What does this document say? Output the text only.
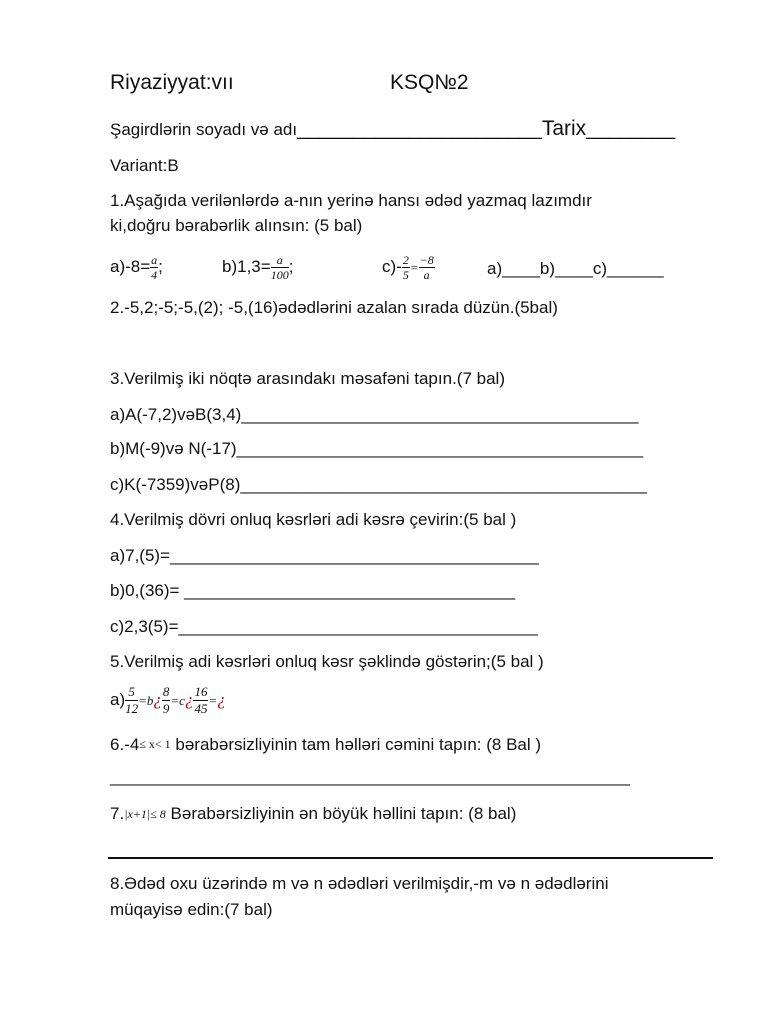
Riyaziyyat:vıı	KSQ№2
Şagirdlərin soyadı və adı______________________Tarix________
Variant:B
1.Aşağıda verilənlərdə a-nın yerinə hansı ədəd yazmaq lazımdır
ki,doğru bərabərlik alınsın: (5 bal)
$a)-8= \frac{a}{4}$ ;	$b)1,3= \frac{a}{100}$ ;	$c)- \frac{2}{5} = \frac{-8}{a}$	a)____b)____c)______
2.-5,2;-5;-5,(2); -5,(16)ədədlərini azalan sırada düzün.(5bal)
3.Verilmiş iki nöqtə arasındakı məsafəni tapın.(7 bal)
a)A(-7,2)vəB(3,4)__________________________________________
b)M(-9)və N(-17)___________________________________________
c)K(-7359)vəP(8)___________________________________________
4.Verilmiş dövri onluq kəsrləri adi kəsrə çevirin:(5 bal )
a)7,(5)=_______________________________________
b)0,(36)= ___________________________________
c)2,3(5)=______________________________________
5.Verilmiş adi kəsrləri onluq kəsr şəklində göstərin;(5 bal )
$a) \frac{5}{12}$ =b¿ $\frac{8}{9}$ =c¿ $\frac{16}{45}$ =¿
6.-4≤ x< 1 bərabərsizliyinin tam həlləri cəmini tapın: (8 Bal )
_______________________________________________________
7.|x+1|≤ 8 Bərabərsizliyinin ən böyük həllini tapın: (8 bal)
8.Ədəd oxu üzərində m və n ədədləri verilmişdir,-m və n ədədlərini
müqayisə edin:(7 bal)
